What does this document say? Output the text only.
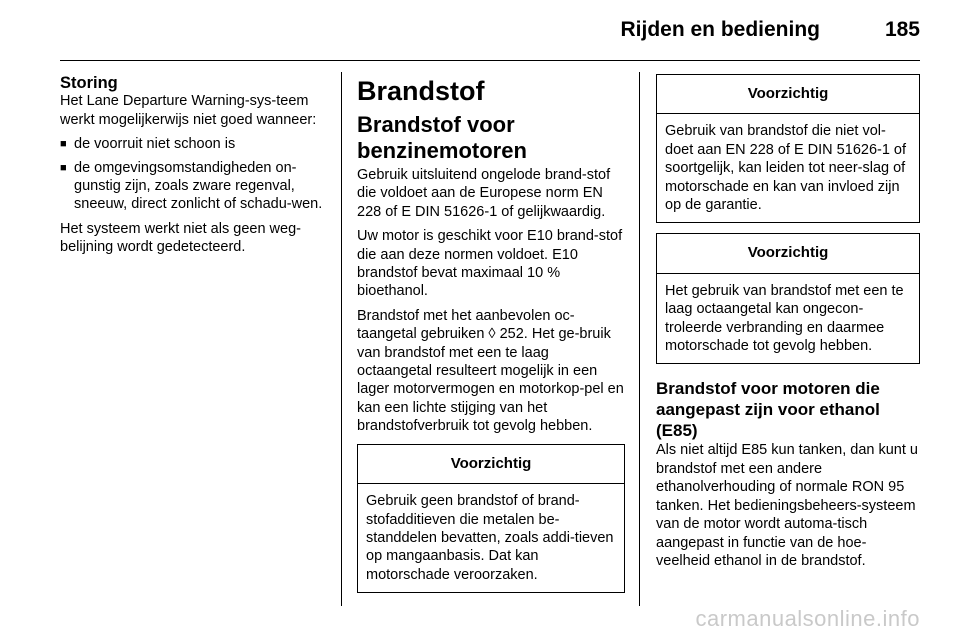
Rijden en bediening	185
Storing

Het Lane Departure Warning-sys-teem werkt mogelijkerwijs niet goed wanneer:

■ de voorruit niet schoon is
■ de omgevingsomstandigheden on-gunstig zijn, zoals zware regenval, sneeuw, direct zonlicht of schadu-wen.

Het systeem werkt niet als geen weg-belijning wordt gedetecteerd.

Brandstof
Brandstof voor benzinemotoren

Gebruik uitsluitend ongelode brand-stof die voldoet aan de Europese norm EN 228 of E DIN 51626-1 of gelijkwaardig.

Uw motor is geschikt voor E10 brand-stof die aan deze normen voldoet. E10 brandstof bevat maximaal 10 % bioethanol.

Brandstof met het aanbevolen oc-taangetal gebruiken ◊ 252. Het ge-bruik van brandstof met een te laag octaangetal resulteert mogelijk in een lager motorvermogen en motorkop-pel en kan een lichte stijging van het brandstofverbruik tot gevolg hebben.

Voorzichtig
Gebruik geen brandstof of brand-stofadditieven die metalen be-standdelen bevatten, zoals addi-tieven op mangaanbasis. Dat kan motorschade veroorzaken.
Voorzichtig
Gebruik van brandstof die niet vol-doet aan EN 228 of E DIN 51626-1 of soortgelijk, kan leiden tot neer-slag of motorschade en kan van invloed zijn op de garantie.
Voorzichtig
Het gebruik van brandstof met een te laag octaangetal kan ongecon-troleerde verbranding en daarmee motorschade tot gevolg hebben.
Brandstof voor motoren die aangepast zijn voor ethanol (E85)

Als niet altijd E85 kun tanken, dan kunt u brandstof met een andere ethanolverhouding of normale RON 95 tanken. Het bedieningsbeheers-systeem van de motor wordt automa-tisch aangepast in functie van de hoe-veelheid ethanol in de brandstof.

carmanualsonline.info
